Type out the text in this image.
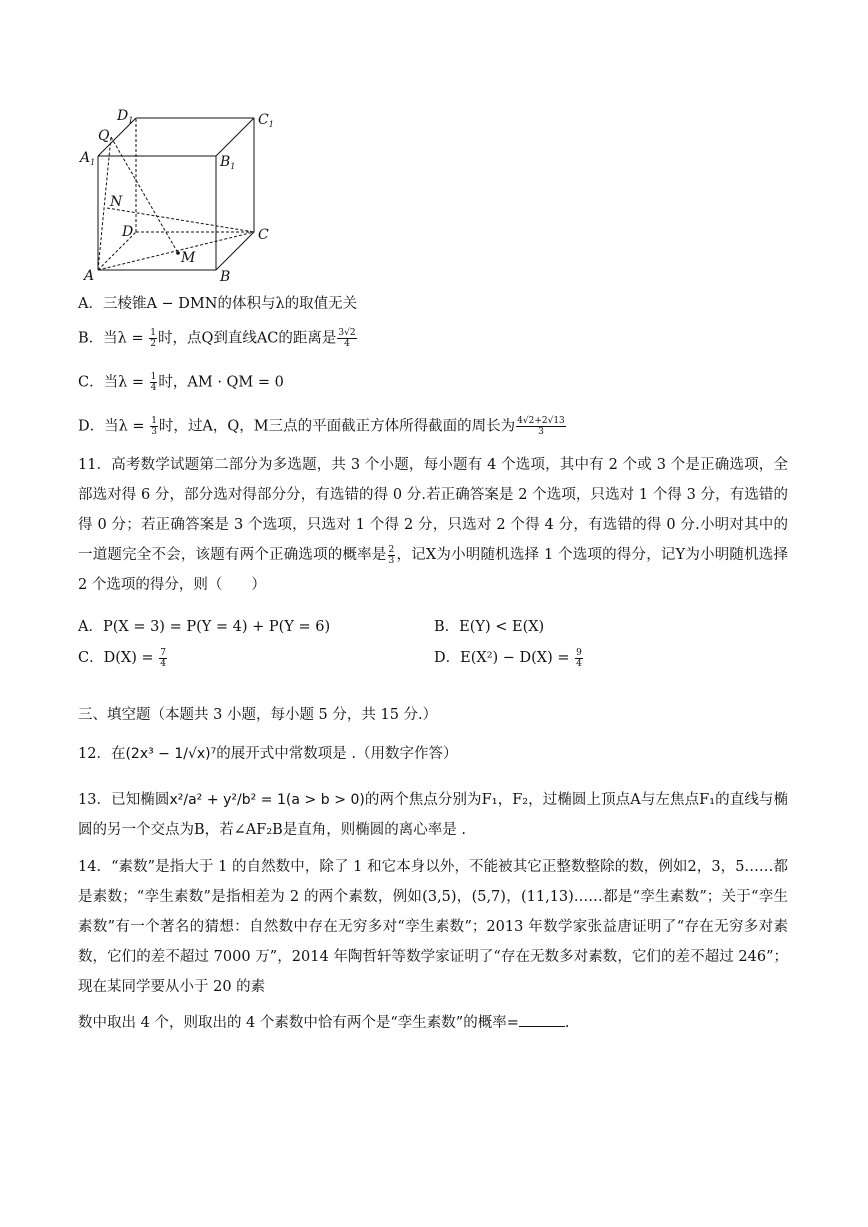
$D_1$	$C_1$
Q
$A_1$	$B_1$
N
D	C
M
A	B
A．三棱锥A − DMN的体积与λ的取值无关
B．当$\lambda = \frac{1}{2}$ 时，点Q到直线AC的距离是 $\frac{3√2}{4}$
C．当$\lambda = \frac{1}{4}$ 时，AM · QM = 0
D．当$\lambda = \frac{1}{3}$ 时，过A，Q，M三点的平面截正方体所得截面的周长为 $\frac{4√2+2√13}{3}$
11．高考数学试题第二部分为多选题，共 3 个小题，每小题有 4 个选项，其中有 2 个或 3 个是正确选项，全部选对得 6 分，部分选对得部分分，有选错的得 0 分.若正确答案是 2 个选项，只选对 1 个得 3 分，有选错的得 0 分；若正确答案是 3 个选项，只选对 1 个得 2 分，只选对 2 个得 4 分，有选错的得 0 分.小明对其中的一道题完全不会，该题有两个正确选项的概率是 $\frac{2}{3}$ ，记X为小明随机选择 1 个选项的得分，记Y为小明随机选择 2 个选项的得分，则（　　）
A．P(X = 3) = P(Y = 4) + P(Y = 6)	B．E(Y) < E(X)
C．$D(X) = \frac{7}{4}$	D．$E(X^2) - D(X) = \frac{9}{4}$
三、填空题（本题共 3 小题，每小题 5 分，共 15 分.）
12．在(2x³ − 1/√x)⁷的展开式中常数项是 .（用数字作答）
13．已知椭圆x²/a² + y²/b² = 1(a > b > 0)的两个焦点分别为F₁，F₂，过椭圆上顶点A与左焦点F₁的直线与椭圆的另一个交点为B，若∠AF₂B是直角，则椭圆的离心率是 .
14．“素数”是指大于 1 的自然数中，除了 1 和它本身以外，不能被其它正整数整除的数，例如2，3，5……都是素数；“孪生素数”是指相差为 2 的两个素数，例如(3,5)，(5,7)，(11,13)……都是“孪生素数”；关于“孪生素数”有一个著名的猜想：自然数中存在无穷多对“孪生素数”；2013 年数学家张益唐证明了“存在无穷多对素数，它们的差不超过 7000 万”，2014 年陶哲轩等数学家证明了“存在无数多对素数，它们的差不超过 246”；现在某同学要从小于 20 的素
数中取出 4 个，则取出的 4 个素数中恰有两个是“孪生素数”的概率=	.
